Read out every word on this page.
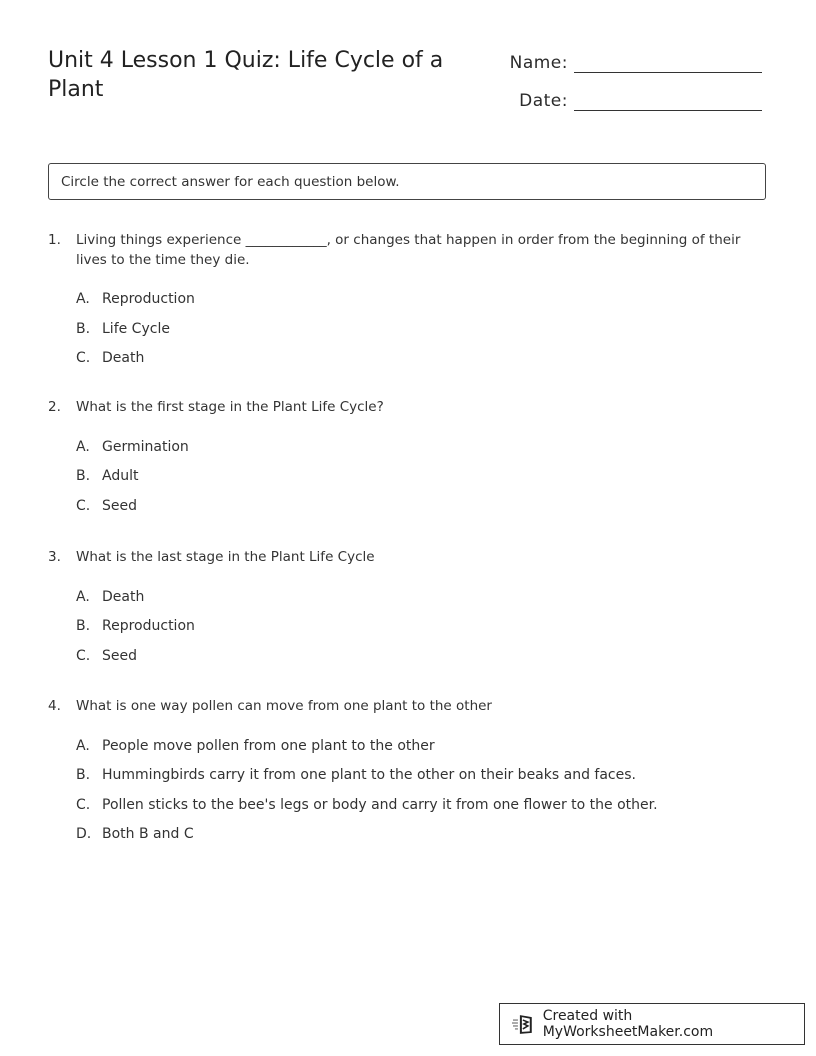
Unit 4 Lesson 1 Quiz: Life Cycle of a Plant
Name:
Date:
Circle the correct answer for each question below.
1.	Living things experience ____________, or changes that happen in order from the beginning of their lives to the time they die.
A. Reproduction
B. Life Cycle
C. Death
2.	What is the first stage in the Plant Life Cycle?
A. Germination
B. Adult
C. Seed
3.	What is the last stage in the Plant Life Cycle
A. Death
B. Reproduction
C. Seed
4.	What is one way pollen can move from one plant to the other
A. People move pollen from one plant to the other
B. Hummingbirds carry it from one plant to the other on their beaks and faces.
C. Pollen sticks to the bee's legs or body and carry it from one flower to the other.
D. Both B and C
Created with MyWorksheetMaker.com
